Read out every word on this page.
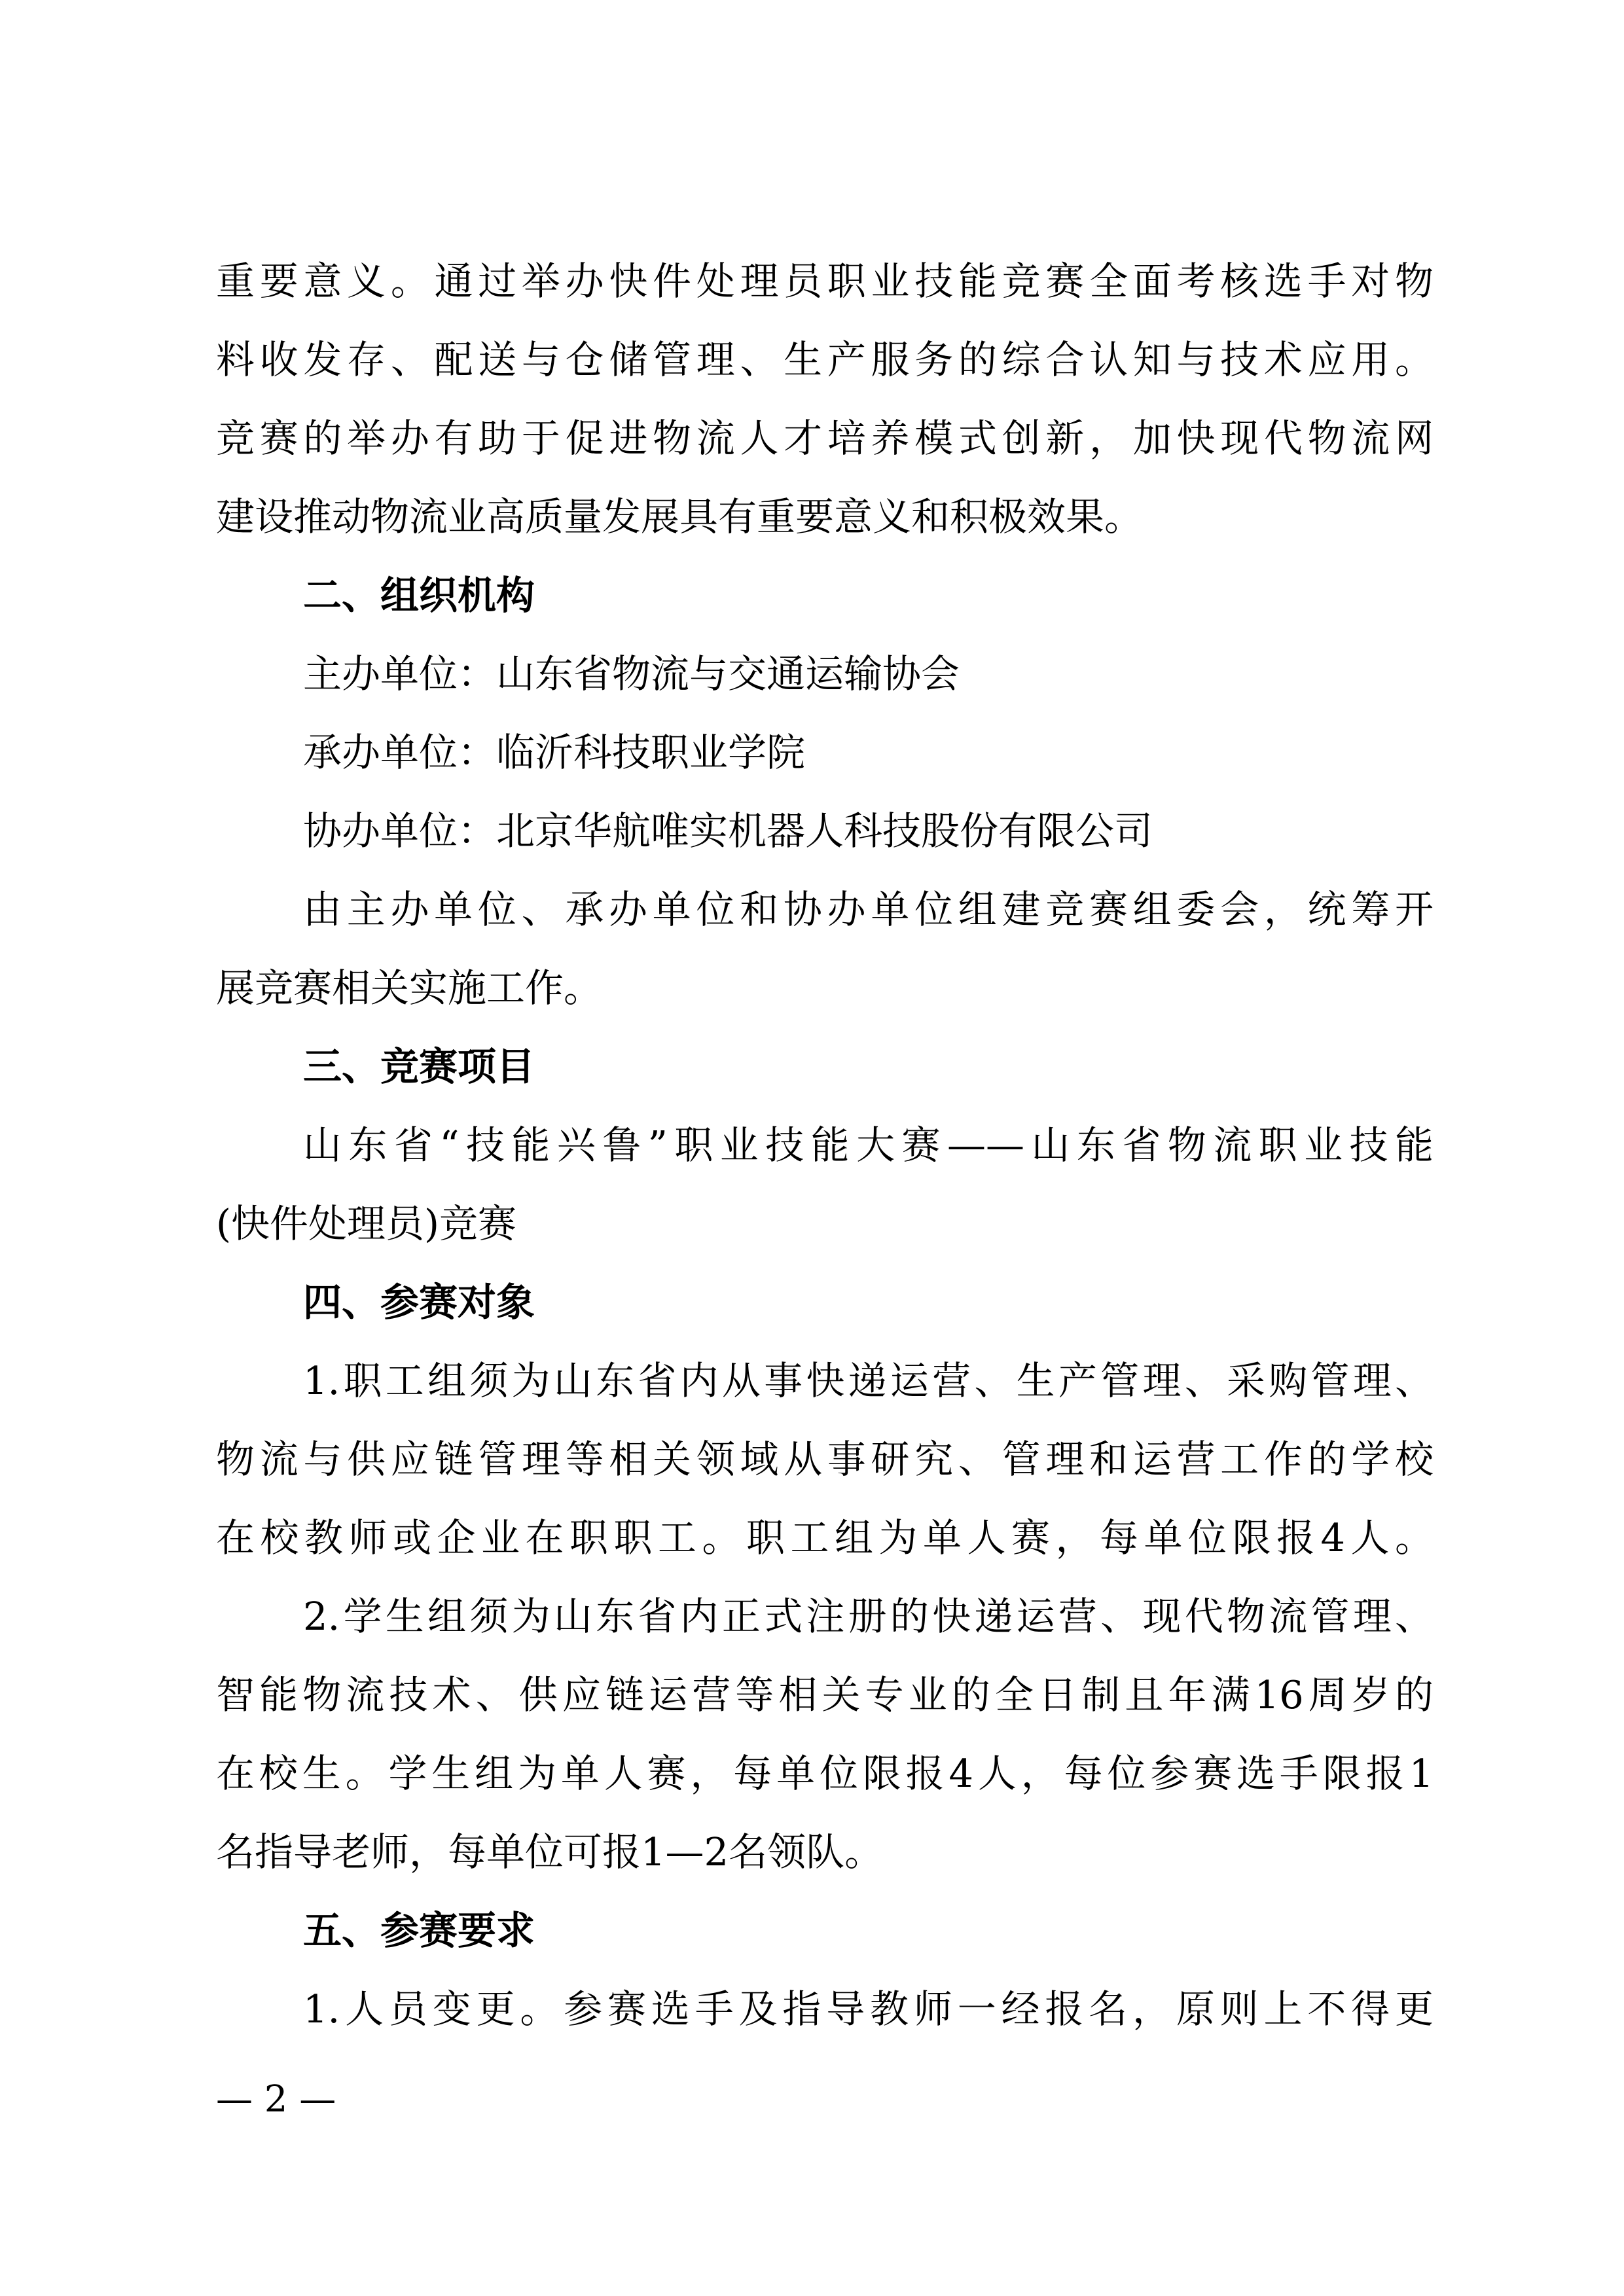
重要意义。通过举办快件处理员职业技能竞赛全面考核选手对物
料收发存、配送与仓储管理、生产服务的综合认知与技术应用。
竞赛的举办有助于促进物流人才培养模式创新，加快现代物流网
建设推动物流业高质量发展具有重要意义和积极效果。
二、组织机构
主办单位：山东省物流与交通运输协会
承办单位：临沂科技职业学院
协办单位：北京华航唯实机器人科技股份有限公司
由主办单位、承办单位和协办单位组建竞赛组委会，统筹开
展竞赛相关实施工作。
三、竞赛项目
山东省“技能兴鲁”职业技能大赛——山东省物流职业技能
(快件处理员)竞赛
四、参赛对象
1.职工组须为山东省内从事快递运营、生产管理、采购管理、
物流与供应链管理等相关领域从事研究、管理和运营工作的学校
在校教师或企业在职职工。职工组为单人赛，每单位限报4人。
2.学生组须为山东省内正式注册的快递运营、现代物流管理、
智能物流技术、供应链运营等相关专业的全日制且年满16周岁的
在校生。学生组为单人赛，每单位限报4人，每位参赛选手限报1
名指导老师，每单位可报1—2名领队。
五、参赛要求
1.人员变更。参赛选手及指导教师一经报名，原则上不得更
— 2 —
